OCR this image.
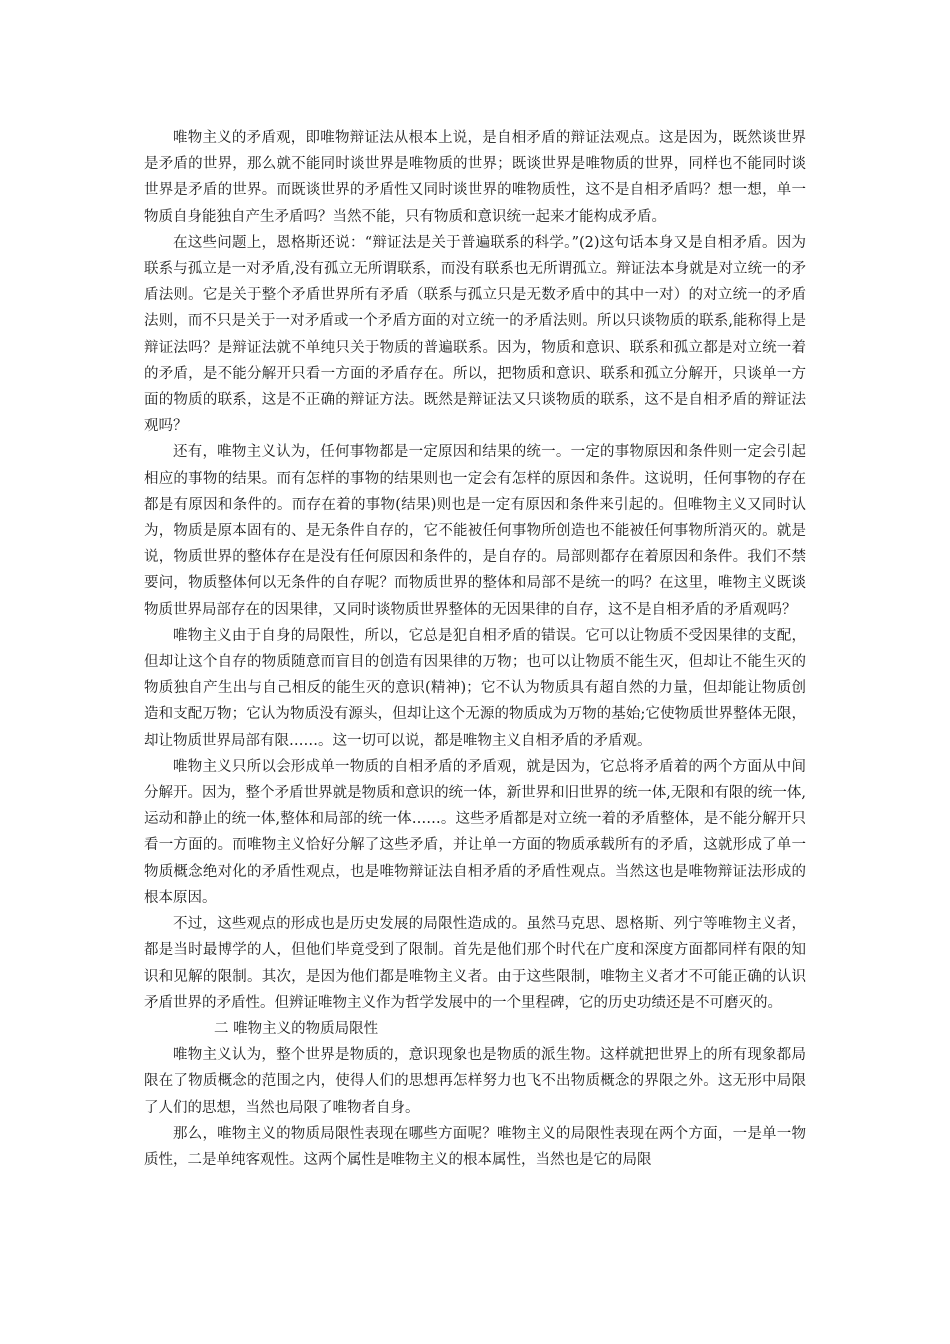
唯物主义的矛盾观，即唯物辩证法从根本上说，是自相矛盾的辩证法观点。这是因为，既然谈世界是矛盾的世界，那么就不能同时谈世界是唯物质的世界；既谈世界是唯物质的世界，同样也不能同时谈世界是矛盾的世界。而既谈世界的矛盾性又同时谈世界的唯物质性，这不是自相矛盾吗？想一想，单一物质自身能独自产生矛盾吗？当然不能，只有物质和意识统一起来才能构成矛盾。

在这些问题上，恩格斯还说：“辩证法是关于普遍联系的科学。”(2)这句话本身又是自相矛盾。因为联系与孤立是一对矛盾,没有孤立无所谓联系，而没有联系也无所谓孤立。辩证法本身就是对立统一的矛盾法则。它是关于整个矛盾世界所有矛盾（联系与孤立只是无数矛盾中的其中一对）的对立统一的矛盾法则，而不只是关于一对矛盾或一个矛盾方面的对立统一的矛盾法则。所以只谈物质的联系,能称得上是辩证法吗？是辩证法就不单纯只关于物质的普遍联系。因为，物质和意识、联系和孤立都是对立统一着的矛盾，是不能分解开只看一方面的矛盾存在。所以，把物质和意识、联系和孤立分解开，只谈单一方面的物质的联系，这是不正确的辩证方法。既然是辩证法又只谈物质的联系，这不是自相矛盾的辩证法观吗？

还有，唯物主义认为，任何事物都是一定原因和结果的统一。一定的事物原因和条件则一定会引起相应的事物的结果。而有怎样的事物的结果则也一定会有怎样的原因和条件。这说明，任何事物的存在都是有原因和条件的。而存在着的事物(结果)则也是一定有原因和条件来引起的。但唯物主义又同时认为，物质是原本固有的、是无条件自存的，它不能被任何事物所创造也不能被任何事物所消灭的。就是说，物质世界的整体存在是没有任何原因和条件的，是自存的。局部则都存在着原因和条件。我们不禁要问，物质整体何以无条件的自存呢？而物质世界的整体和局部不是统一的吗？在这里，唯物主义既谈物质世界局部存在的因果律，又同时谈物质世界整体的无因果律的自存，这不是自相矛盾的矛盾观吗？

唯物主义由于自身的局限性，所以，它总是犯自相矛盾的错误。它可以让物质不受因果律的支配，但却让这个自存的物质随意而盲目的创造有因果律的万物；也可以让物质不能生灭，但却让不能生灭的物质独自产生出与自己相反的能生灭的意识(精神)；它不认为物质具有超自然的力量，但却能让物质创造和支配万物；它认为物质没有源头，但却让这个无源的物质成为万物的基始;它使物质世界整体无限，却让物质世界局部有限……。这一切可以说，都是唯物主义自相矛盾的矛盾观。

唯物主义只所以会形成单一物质的自相矛盾的矛盾观，就是因为，它总将矛盾着的两个方面从中间分解开。因为，整个矛盾世界就是物质和意识的统一体，新世界和旧世界的统一体,无限和有限的统一体,运动和静止的统一体,整体和局部的统一体……。这些矛盾都是对立统一着的矛盾整体，是不能分解开只看一方面的。而唯物主义恰好分解了这些矛盾，并让单一方面的物质承载所有的矛盾，这就形成了单一物质概念绝对化的矛盾性观点，也是唯物辩证法自相矛盾的矛盾性观点。当然这也是唯物辩证法形成的根本原因。

不过，这些观点的形成也是历史发展的局限性造成的。虽然马克思、恩格斯、列宁等唯物主义者，都是当时最博学的人，但他们毕竟受到了限制。首先是他们那个时代在广度和深度方面都同样有限的知识和见解的限制。其次，是因为他们都是唯物主义者。由于这些限制，唯物主义者才不可能正确的认识矛盾世界的矛盾性。但辨证唯物主义作为哲学发展中的一个里程碑，它的历史功绩还是不可磨灭的。

二 唯物主义的物质局限性

唯物主义认为，整个世界是物质的，意识现象也是物质的派生物。这样就把世界上的所有现象都局限在了物质概念的范围之内，使得人们的思想再怎样努力也飞不出物质概念的界限之外。这无形中局限了人们的思想，当然也局限了唯物者自身。

那么，唯物主义的物质局限性表现在哪些方面呢？唯物主义的局限性表现在两个方面，一是单一物质性，二是单纯客观性。这两个属性是唯物主义的根本属性，当然也是它的局限
